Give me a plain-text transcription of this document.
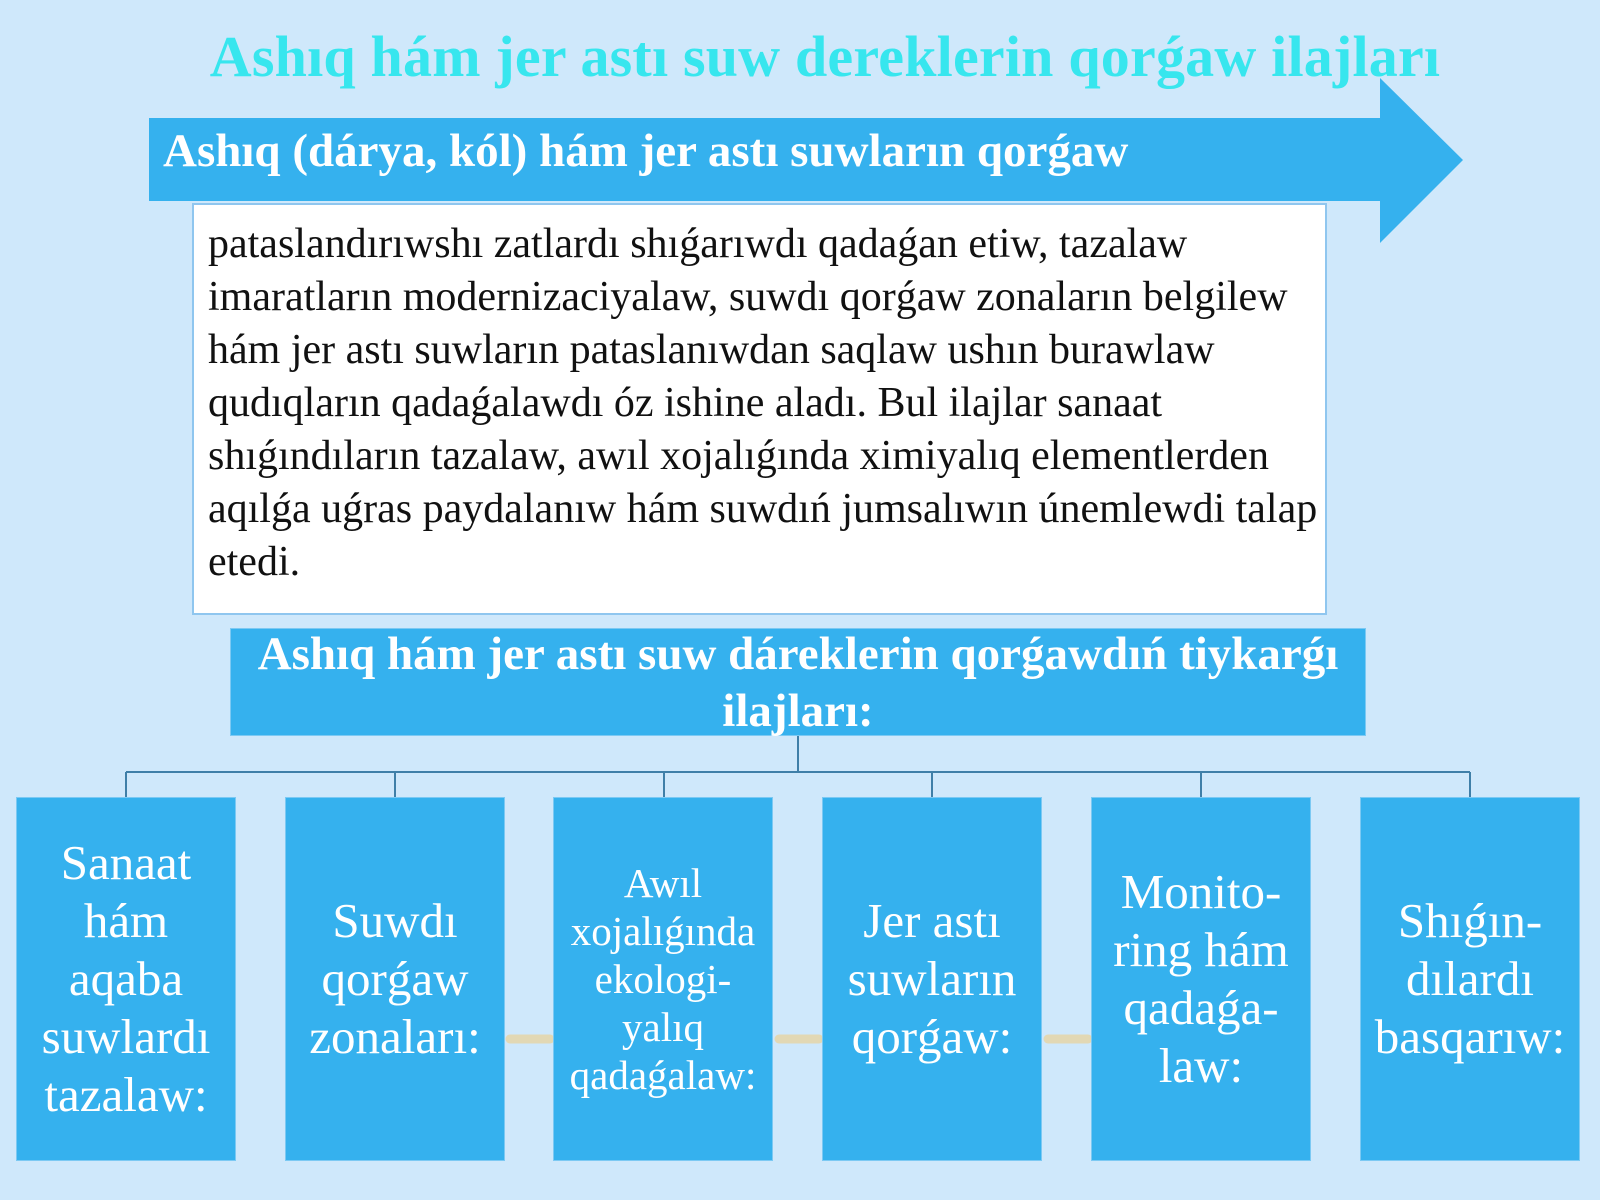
Ashıq hám jer astı suw dereklerin qorǵaw ilajları
Ashıq (dárya, kól) hám jer astı suwların qorǵaw
pataslandırıwshı zatlardı shıǵarıwdı qadaǵan etiw, tazalaw imaratların modernizaciyalaw, suwdı qorǵaw zonaların belgilew hám jer astı suwların pataslanıwdan saqlaw ushın burawlaw qudıqların qadaǵalawdı óz ishine aladı. Bul ilajlar sanaat shıǵındıların tazalaw, awıl xojalıǵında ximiyalıq elementlerden aqılǵa uǵras paydalanıw hám suwdıń jumsalıwın únemlewdi talap etedi.
Ashıq hám jer astı suw dáreklerin qorǵawdıń tiykarǵı ilajları:
Sanaat hám aqaba suwlardı tazalaw:
Suwdı qorǵaw zonaları:
Awıl xojalıǵında ekologi-yalıq qadaǵalaw:
Jer astı suwların qorǵaw:
Monito-ring hám qadaǵa-law:
Shıǵın-dılardı basqarıw:
